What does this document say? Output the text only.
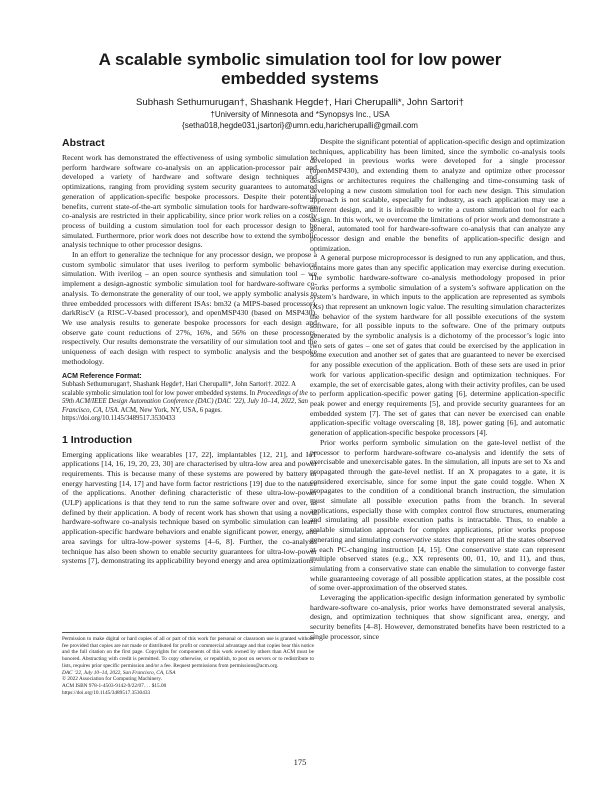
A scalable symbolic simulation tool for low power embedded systems
Subhash Sethumurugan†, Shashank Hegde†, Hari Cherupalli*, John Sartori†
†University of Minnesota and *Synopsys Inc., USA
{setha018,hegde031,jsartori}@umn.edu,haricherupalli@gmail.com
Abstract

Recent work has demonstrated the effectiveness of using symbolic simulation to perform hardware software co-analysis on an application-processor pair and developed a variety of hardware and software design techniques and optimizations, ranging from providing system security guarantees to automated generation of application-specific bespoke processors. Despite their potential benefits, current state-of-the-art symbolic simulation tools for hardware-software co-analysis are restricted in their applicability, since prior work relies on a costly process of building a custom simulation tool for each processor design to be simulated. Furthermore, prior work does not describe how to extend the symbolic analysis technique to other processor designs.

In an effort to generalize the technique for any processor design, we propose a custom symbolic simulator that uses iverilog to perform symbolic behavioral simulation. With iverilog – an open source synthesis and simulation tool – we implement a design-agnostic symbolic simulation tool for hardware-software co-analysis. To demonstrate the generality of our tool, we apply symbolic analysis to three embedded processors with different ISAs: bm32 (a MIPS-based processor), darkRiscV (a RISC-V-based processor), and openMSP430 (based on MSP430). We use analysis results to generate bespoke processors for each design and observe gate count reductions of 27%, 16%, and 56% on these processors, respectively. Our results demonstrate the versatility of our simulation tool and the uniqueness of each design with respect to symbolic analysis and the bespoke methodology.

ACM Reference Format:
Subhash Sethumurugan†, Shashank Hegde†, Hari Cherupalli*, John Sartori†. 2022. A scalable symbolic simulation tool for low power embedded systems. In Proceedings of the 59th ACM/IEEE Design Automation Conference (DAC) (DAC ’22), July 10–14, 2022, San Francisco, CA, USA. ACM, New York, NY, USA, 6 pages. https://doi.org/10.1145/3489517.3530433
1 Introduction

Emerging applications like wearables [17, 22], implantables [12, 21], and IoT applications [14, 16, 19, 20, 23, 30] are characterised by ultra-low area and power requirements. This is because many of these systems are powered by battery or energy harvesting [14, 17] and have form factor restrictions [19] due to the nature of the applications. Another defining characteristic of these ultra-low-power (ULP) applications is that they tend to run the same software over and over, as defined by their application. A body of recent work has shown that using a novel hardware-software co-analysis technique based on symbolic simulation can learn application-specific hardware behaviors and enable significant power, energy, and area savings for ultra-low-power systems [4–6, 8]. Further, the co-analysis technique has also been shown to enable security guarantees for ultra-low-power systems [7], demonstrating its applicability beyond energy and area optimizations.

Permission to make digital or hard copies of all or part of this work for personal or classroom use is granted without fee provided that copies are not made or distributed for profit or commercial advantage and that copies bear this notice and the full citation on the first page. Copyrights for components of this work owned by others than ACM must be honored. Abstracting with credit is permitted. To copy otherwise, or republish, to post on servers or to redistribute to lists, requires prior specific permission and/or a fee. Request permissions from permissions@acm.org.
DAC ’22, July 10–14, 2022, San Francisco, CA, USA
© 2022 Association for Computing Machinery.
ACM ISBN 978-1-4503-9142-9/22/07. . . $15.00
https://doi.org/10.1145/3489517.3530433

Despite the significant potential of application-specific design and optimization techniques, applicability has been limited, since the symbolic co-analysis tools developed in previous works were developed for a single processor (openMSP430), and extending them to analyze and optimize other processor designs or architectures requires the challenging and time-consuming task of developing a new custom simulation tool for each new design. This simulation approach is not scalable, especially for industry, as each application may use a different design, and it is infeasible to write a custom simulation tool for each design. In this work, we overcome the limitations of prior work and demonstrate a general, automated tool for hardware-software co-analysis that can analyze any processor design and enable the benefits of application-specific design and optimization.

A general purpose microprocessor is designed to run any application, and thus, contains more gates than any specific application may exercise during execution. The symbolic hardware-software co-analysis methodology proposed in prior works performs a symbolic simulation of a system’s software application on the system’s hardware, in which inputs to the application are represented as symbols (Xs) that represent an unknown logic value. The resulting simulation characterizes the behavior of the system hardware for all possible executions of the system software, for all possible inputs to the software. One of the primary outputs generated by the symbolic analysis is a dichotomy of the processor’s logic into two sets of gates – one set of gates that could be exercised by the application in some execution and another set of gates that are guaranteed to never be exercised for any possible execution of the application. Both of these sets are used in prior work for various application-specific design and optimization techniques. For example, the set of exercisable gates, along with their activity profiles, can be used to perform application-specific power gating [6], determine application-specific peak power and energy requirements [5], and provide security guarantees for an embedded system [7]. The set of gates that can never be exercised can enable application-specific voltage overscaling [8, 18], power gating [6], and automatic generation of application-specific bespoke processors [4].

Prior works perform symbolic simulation on the gate-level netlist of the processor to perform hardware-software co-analysis and identify the sets of exercisable and unexercisable gates. In the simulation, all inputs are set to Xs and propagated through the gate-level netlist. If an X propagates to a gate, it is considered exercisable, since for some input the gate could toggle. When X propagates to the condition of a conditional branch instruction, the simulation must simulate all possible execution paths from the branch. In several applications, especially those with complex control flow structures, enumerating and simulating all possible execution paths is intractable. Thus, to enable a scalable simulation approach for complex applications, prior works propose generating and simulating conservative states that represent all the states observed at each PC-changing instruction [4, 15]. One conservative state can represent multiple observed states (e.g., XX represents 00, 01, 10, and 11), and thus, simulating from a conservative state can enable the simulation to converge faster while guaranteeing coverage of all possible application states, at the possible cost of some over-approximation of the observed states.

Leveraging the application-specific design information generated by symbolic hardware-software co-analysis, prior works have demonstrated several analysis, design, and optimization techniques that show significant area, energy, and security benefits [4–8]. However, demonstrated benefits have been restricted to a single processor, since

175
